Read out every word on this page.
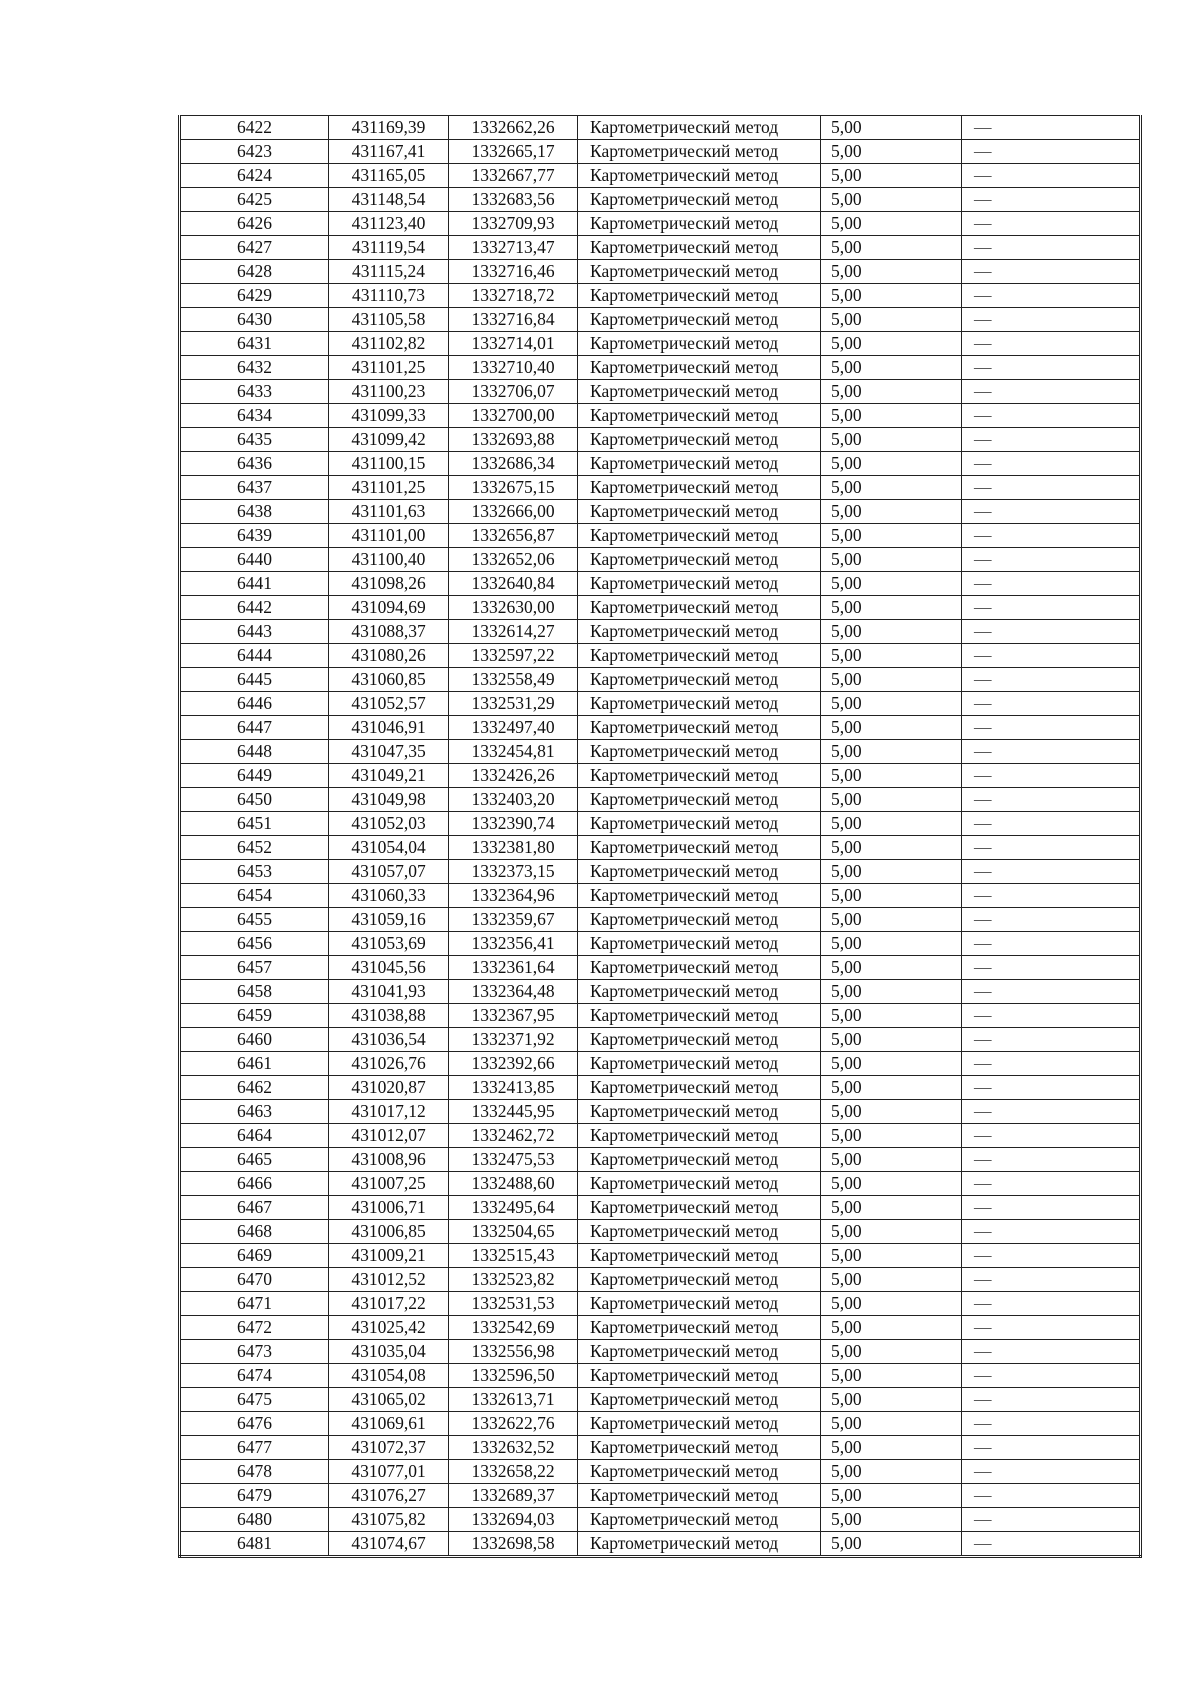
6422	431169,39	1332662,26	Картометрический метод	5,00	—
6423	431167,41	1332665,17	Картометрический метод	5,00	—
6424	431165,05	1332667,77	Картометрический метод	5,00	—
6425	431148,54	1332683,56	Картометрический метод	5,00	—
6426	431123,40	1332709,93	Картометрический метод	5,00	—
6427	431119,54	1332713,47	Картометрический метод	5,00	—
6428	431115,24	1332716,46	Картометрический метод	5,00	—
6429	431110,73	1332718,72	Картометрический метод	5,00	—
6430	431105,58	1332716,84	Картометрический метод	5,00	—
6431	431102,82	1332714,01	Картометрический метод	5,00	—
6432	431101,25	1332710,40	Картометрический метод	5,00	—
6433	431100,23	1332706,07	Картометрический метод	5,00	—
6434	431099,33	1332700,00	Картометрический метод	5,00	—
6435	431099,42	1332693,88	Картометрический метод	5,00	—
6436	431100,15	1332686,34	Картометрический метод	5,00	—
6437	431101,25	1332675,15	Картометрический метод	5,00	—
6438	431101,63	1332666,00	Картометрический метод	5,00	—
6439	431101,00	1332656,87	Картометрический метод	5,00	—
6440	431100,40	1332652,06	Картометрический метод	5,00	—
6441	431098,26	1332640,84	Картометрический метод	5,00	—
6442	431094,69	1332630,00	Картометрический метод	5,00	—
6443	431088,37	1332614,27	Картометрический метод	5,00	—
6444	431080,26	1332597,22	Картометрический метод	5,00	—
6445	431060,85	1332558,49	Картометрический метод	5,00	—
6446	431052,57	1332531,29	Картометрический метод	5,00	—
6447	431046,91	1332497,40	Картометрический метод	5,00	—
6448	431047,35	1332454,81	Картометрический метод	5,00	—
6449	431049,21	1332426,26	Картометрический метод	5,00	—
6450	431049,98	1332403,20	Картометрический метод	5,00	—
6451	431052,03	1332390,74	Картометрический метод	5,00	—
6452	431054,04	1332381,80	Картометрический метод	5,00	—
6453	431057,07	1332373,15	Картометрический метод	5,00	—
6454	431060,33	1332364,96	Картометрический метод	5,00	—
6455	431059,16	1332359,67	Картометрический метод	5,00	—
6456	431053,69	1332356,41	Картометрический метод	5,00	—
6457	431045,56	1332361,64	Картометрический метод	5,00	—
6458	431041,93	1332364,48	Картометрический метод	5,00	—
6459	431038,88	1332367,95	Картометрический метод	5,00	—
6460	431036,54	1332371,92	Картометрический метод	5,00	—
6461	431026,76	1332392,66	Картометрический метод	5,00	—
6462	431020,87	1332413,85	Картометрический метод	5,00	—
6463	431017,12	1332445,95	Картометрический метод	5,00	—
6464	431012,07	1332462,72	Картометрический метод	5,00	—
6465	431008,96	1332475,53	Картометрический метод	5,00	—
6466	431007,25	1332488,60	Картометрический метод	5,00	—
6467	431006,71	1332495,64	Картометрический метод	5,00	—
6468	431006,85	1332504,65	Картометрический метод	5,00	—
6469	431009,21	1332515,43	Картометрический метод	5,00	—
6470	431012,52	1332523,82	Картометрический метод	5,00	—
6471	431017,22	1332531,53	Картометрический метод	5,00	—
6472	431025,42	1332542,69	Картометрический метод	5,00	—
6473	431035,04	1332556,98	Картометрический метод	5,00	—
6474	431054,08	1332596,50	Картометрический метод	5,00	—
6475	431065,02	1332613,71	Картометрический метод	5,00	—
6476	431069,61	1332622,76	Картометрический метод	5,00	—
6477	431072,37	1332632,52	Картометрический метод	5,00	—
6478	431077,01	1332658,22	Картометрический метод	5,00	—
6479	431076,27	1332689,37	Картометрический метод	5,00	—
6480	431075,82	1332694,03	Картометрический метод	5,00	—
6481	431074,67	1332698,58	Картометрический метод	5,00	—
